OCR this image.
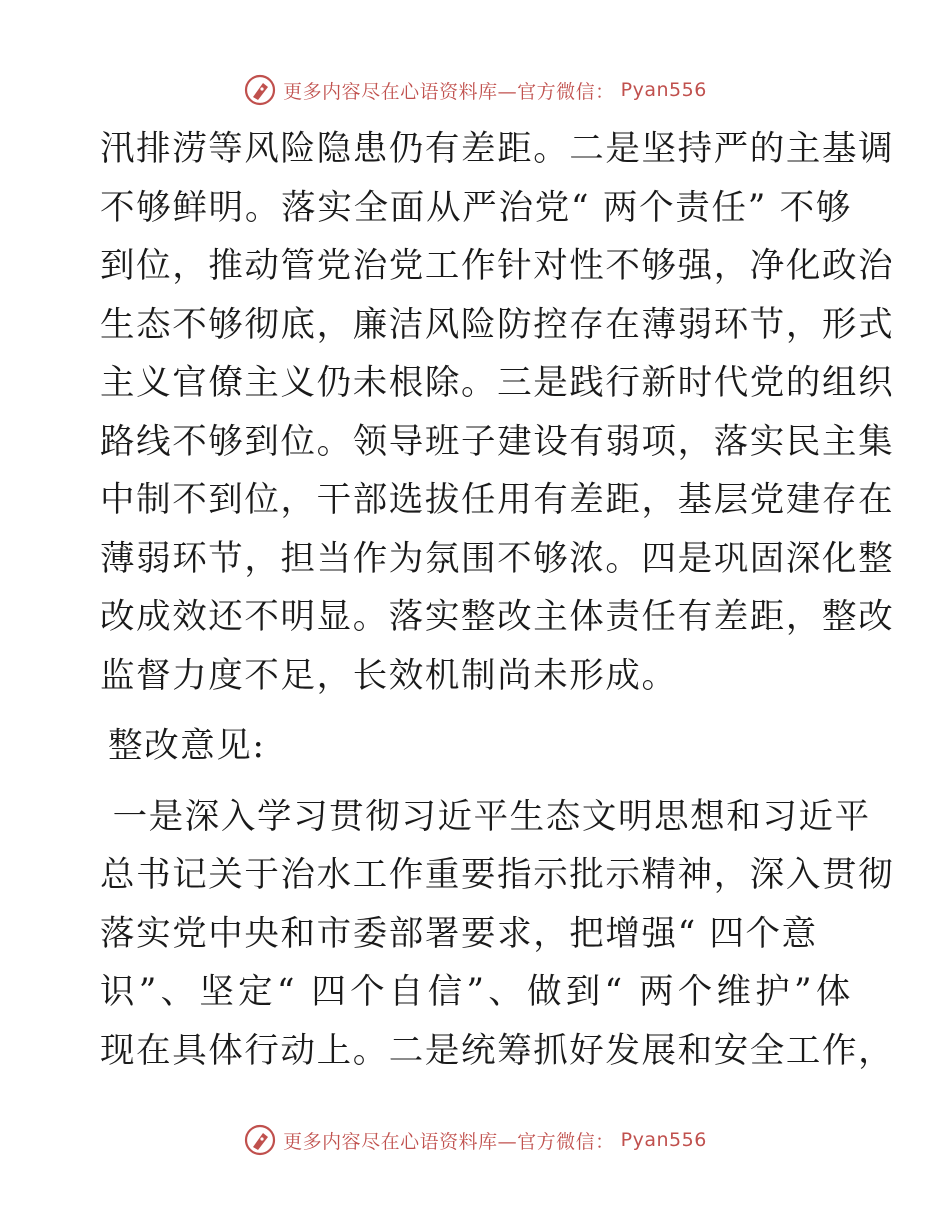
更多内容尽在心语资料库—官方微信： Pyan556
汛排涝等风险隐患仍有差距。二是坚持严的主基调
不够鲜明。落实全面从严治党“ 两个责任” 不够
到位，推动管党治党工作针对性不够强，净化政治
生态不够彻底，廉洁风险防控存在薄弱环节，形式
主义官僚主义仍未根除。三是践行新时代党的组织
路线不够到位。领导班子建设有弱项，落实民主集
中制不到位，干部选拔任用有差距，基层党建存在
薄弱环节，担当作为氛围不够浓。四是巩固深化整
改成效还不明显。落实整改主体责任有差距，整改
监督力度不足，长效机制尚未形成。
整改意见:
一是深入学习贯彻习近平生态文明思想和习近平
总书记关于治水工作重要指示批示精神，深入贯彻
落实党中央和市委部署要求，把增强“ 四个意
识”、坚定“ 四个自信”、做到“ 两个维护”体
现在具体行动上。二是统筹抓好发展和安全工作，
更多内容尽在心语资料库—官方微信： Pyan556
